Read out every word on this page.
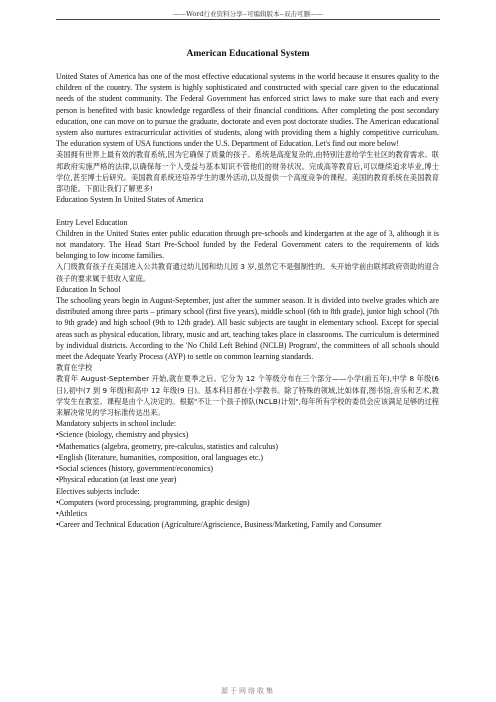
——Word行业资料分享--可编辑版本--双击可删——
American Educational System

United States of America has one of the most effective educational systems in the world because it ensures quality to the children of the country. The system is highly sophisticated and constructed with special care given to the educational needs of the student community. The Federal Government has enforced strict laws to make sure that each and every person is benefited with basic knowledge regardless of their financial conditions. After completing the post secondary education, one can move on to pursue the graduate, doctorate and even post doctorate studies. The American educational system also nurtures extracurricular activities of students, along with providing them a highly competitive curriculum. The education system of USA functions under the U.S. Department of Education. Let's find out more below!

美国拥有世界上最有效的教育系统,因为它确保了质量的孩子。系统是高度复杂的,由特别注意给学生社区的教育需求。联邦政府实施严格的法律,以确保每一个人受益与基本知识不管他们的财务状况。完成高等教育后,可以继续追求毕业,博士学位,甚至博士后研究。美国教育系统还培养学生的课外活动,以及提供一个高度竞争的课程。美国的教育系统在美国教育部功能。下面让我们了解更多!

Education System In United States of America

Entry Level Education

Children in the United States enter public education through pre-schools and kindergarten at the age of 3, although it is not mandatory. The Head Start Pre-School funded by the Federal Government caters to the requirements of kids belonging to low income families.

入门级教育孩子在美国进入公共教育通过幼儿园和幼儿园 3 岁,虽然它不是强制性的。头开始学前由联邦政府资助的迎合孩子的要求属于低收入家庭。

Education In School

The schooling years begin in August-September, just after the summer season. It is divided into twelve grades which are distributed among three parts – primary school (first five years), middle school (6th to 8th grade), junior high school (7th to 9th grade) and high school (9th to 12th grade). All basic subjects are taught in elementary school. Except for special areas such as physical education, library, music and art, teaching takes place in classrooms. The curriculum is determined by individual districts. According to the 'No Child Left Behind (NCLB) Program', the committees of all schools should meet the Adequate Yearly Process (AYP) to settle on common learning standards.

教育在学校

教育年 August-September 开始,就在夏季之后。它分为 12 个等级分布在三个部分——小学(前五年),中学 8 年级(6 日),初中(7 到 9 年级)和高中 12 年级(9 日)。基本科目都在小学教书。除了特殊的领域,比如体育,图书馆,音乐和艺术,教学发生在教室。课程是由个人决定的。根据"不让一个孩子掉队(NCLB)计划",每年所有学校的委员会应该满足足够的过程来解决常见的学习标准传达出来。

Mandatory subjects in school include:

•Science (biology, chemistry and physics)

•Mathematics (algebra, geometry, pre-calculus, statistics and calculus)

•English (literature, humanities, composition, oral languages etc.)

•Social sciences (history, government/economics)

•Physical education (at least one year)

Electives subjects include:

•Computers (word processing, programming, graphic design)

•Athletics

•Career and Technical Education (Agriculture/Agriscience, Business/Marketing, Family and Consumer

源于网络收集
